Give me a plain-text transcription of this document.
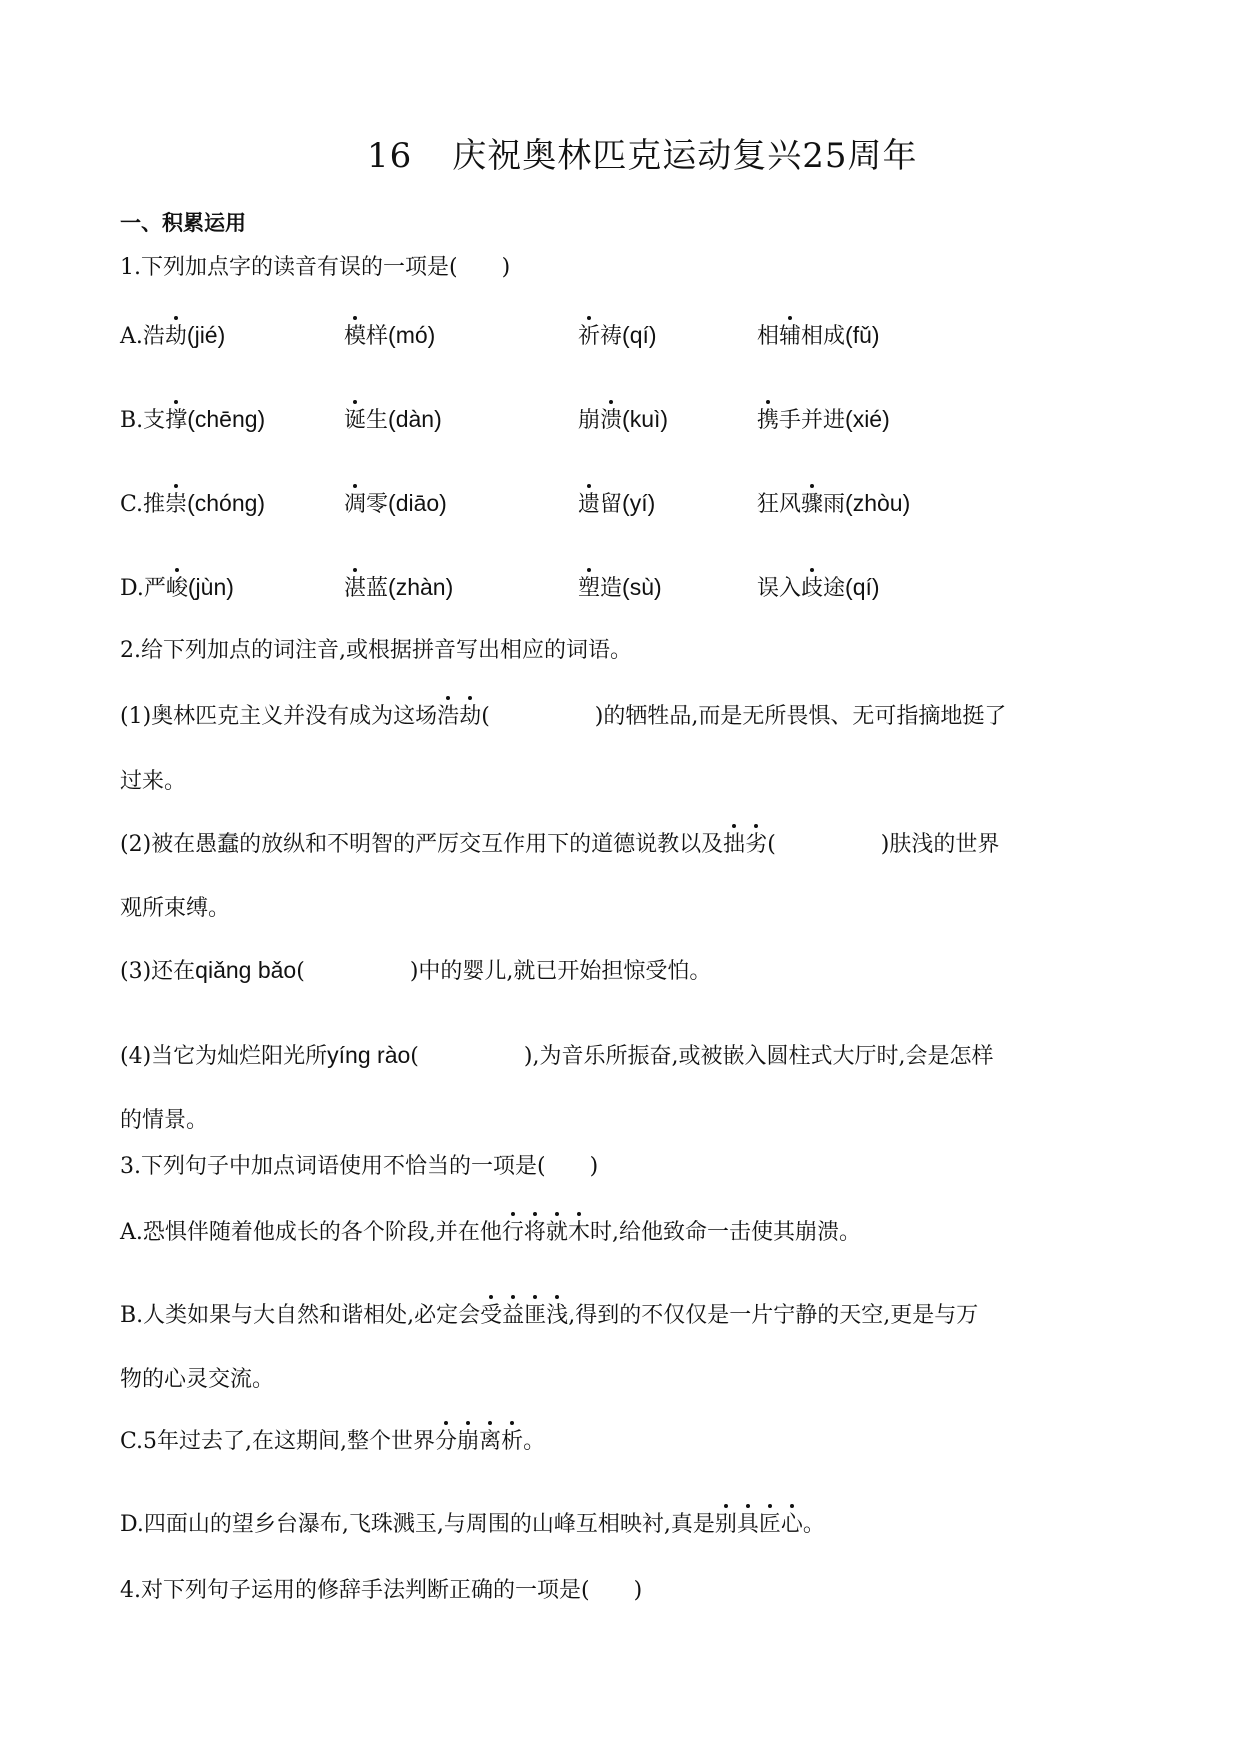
16 庆祝奥林匹克运动复兴25周年
一、积累运用
1.下列加点字的读音有误的一项是(　　)
A.浩劫(jié)	模样(mó)	祈祷(qí)	相辅相成(fǔ)
B.支撑(chēng)	诞生(dàn)	崩溃(kuì)	携手并进(xié)
C.推崇(chóng)	凋零(diāo)	遗留(yí)	狂风骤雨(zhòu)
D.严峻(jùn)	湛蓝(zhàn)	塑造(sù)	误入歧途(qí)
2.给下列加点的词注音,或根据拼音写出相应的词语。
(1)奥林匹克主义并没有成为这场浩劫(	)的牺牲品,而是无所畏惧、无可指摘地挺了
过来。
(2)被在愚蠢的放纵和不明智的严厉交互作用下的道德说教以及拙劣(	)肤浅的世界
观所束缚。
(3)还在qiǎng bǎo(	)中的婴儿,就已开始担惊受怕。
(4)当它为灿烂阳光所yíng rào(	),为音乐所振奋,或被嵌入圆柱式大厅时,会是怎样
的情景。
3.下列句子中加点词语使用不恰当的一项是(　　)
A.恐惧伴随着他成长的各个阶段,并在他行将就木时,给他致命一击使其崩溃。
B.人类如果与大自然和谐相处,必定会受益匪浅,得到的不仅仅是一片宁静的天空,更是与万
物的心灵交流。
C.5年过去了,在这期间,整个世界分崩离析。
D.四面山的望乡台瀑布,飞珠溅玉,与周围的山峰互相映衬,真是别具匠心。
4.对下列句子运用的修辞手法判断正确的一项是(　　)
